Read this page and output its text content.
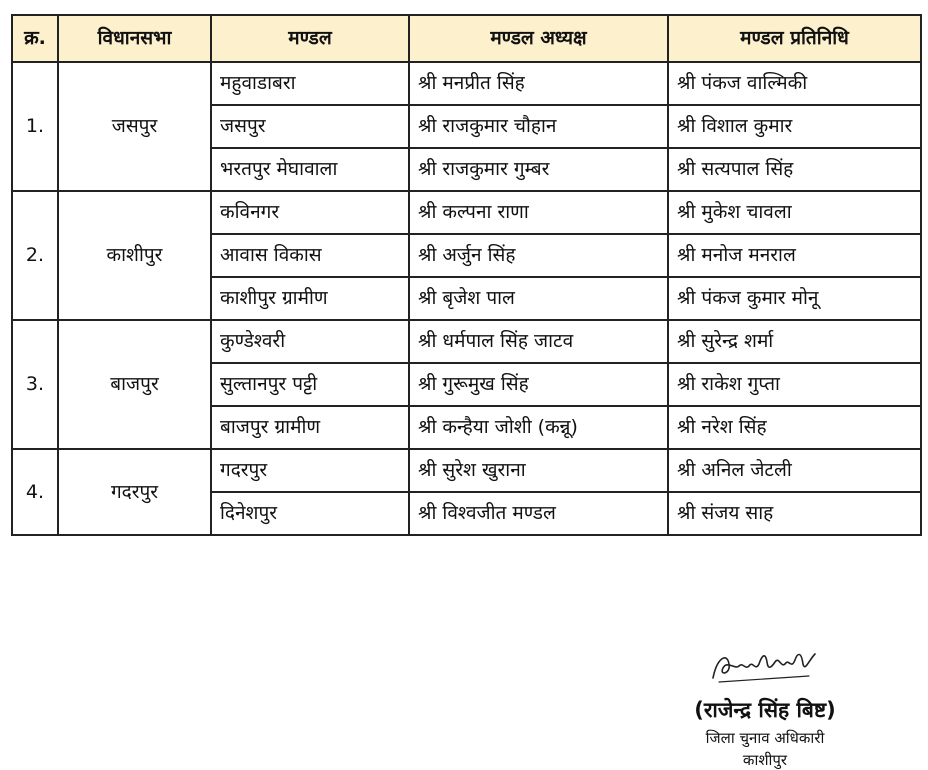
क्र.	विधानसभा	मण्डल	मण्डल अध्यक्ष	मण्डल प्रतिनिधि
1.	जसपुर	महुवाडाबरा	श्री मनप्रीत सिंह	श्री पंकज वाल्मिकी
		जसपुर	श्री राजकुमार चौहान	श्री विशाल कुमार
		भरतपुर मेघावाला	श्री राजकुमार गुम्बर	श्री सत्यपाल सिंह
2.	काशीपुर	कविनगर	श्री कल्पना राणा	श्री मुकेश चावला
		आवास विकास	श्री अर्जुन सिंह	श्री मनोज मनराल
		काशीपुर ग्रामीण	श्री बृजेश पाल	श्री पंकज कुमार मोनू
3.	बाजपुर	कुण्डेश्वरी	श्री धर्मपाल सिंह जाटव	श्री सुरेन्द्र शर्मा
		सुल्तानपुर पट्टी	श्री गुरूमुख सिंह	श्री राकेश गुप्ता
		बाजपुर ग्रामीण	श्री कन्हैया जोशी (कन्नू)	श्री नरेश सिंह
4.	गदरपुर	गदरपुर	श्री सुरेश खुराना	श्री अनिल जेटली
		दिनेशपुर	श्री विश्वजीत मण्डल	श्री संजय साह
(राजेन्द्र सिंह बिष्ट)
जिला चुनाव अधिकारी
काशीपुर
